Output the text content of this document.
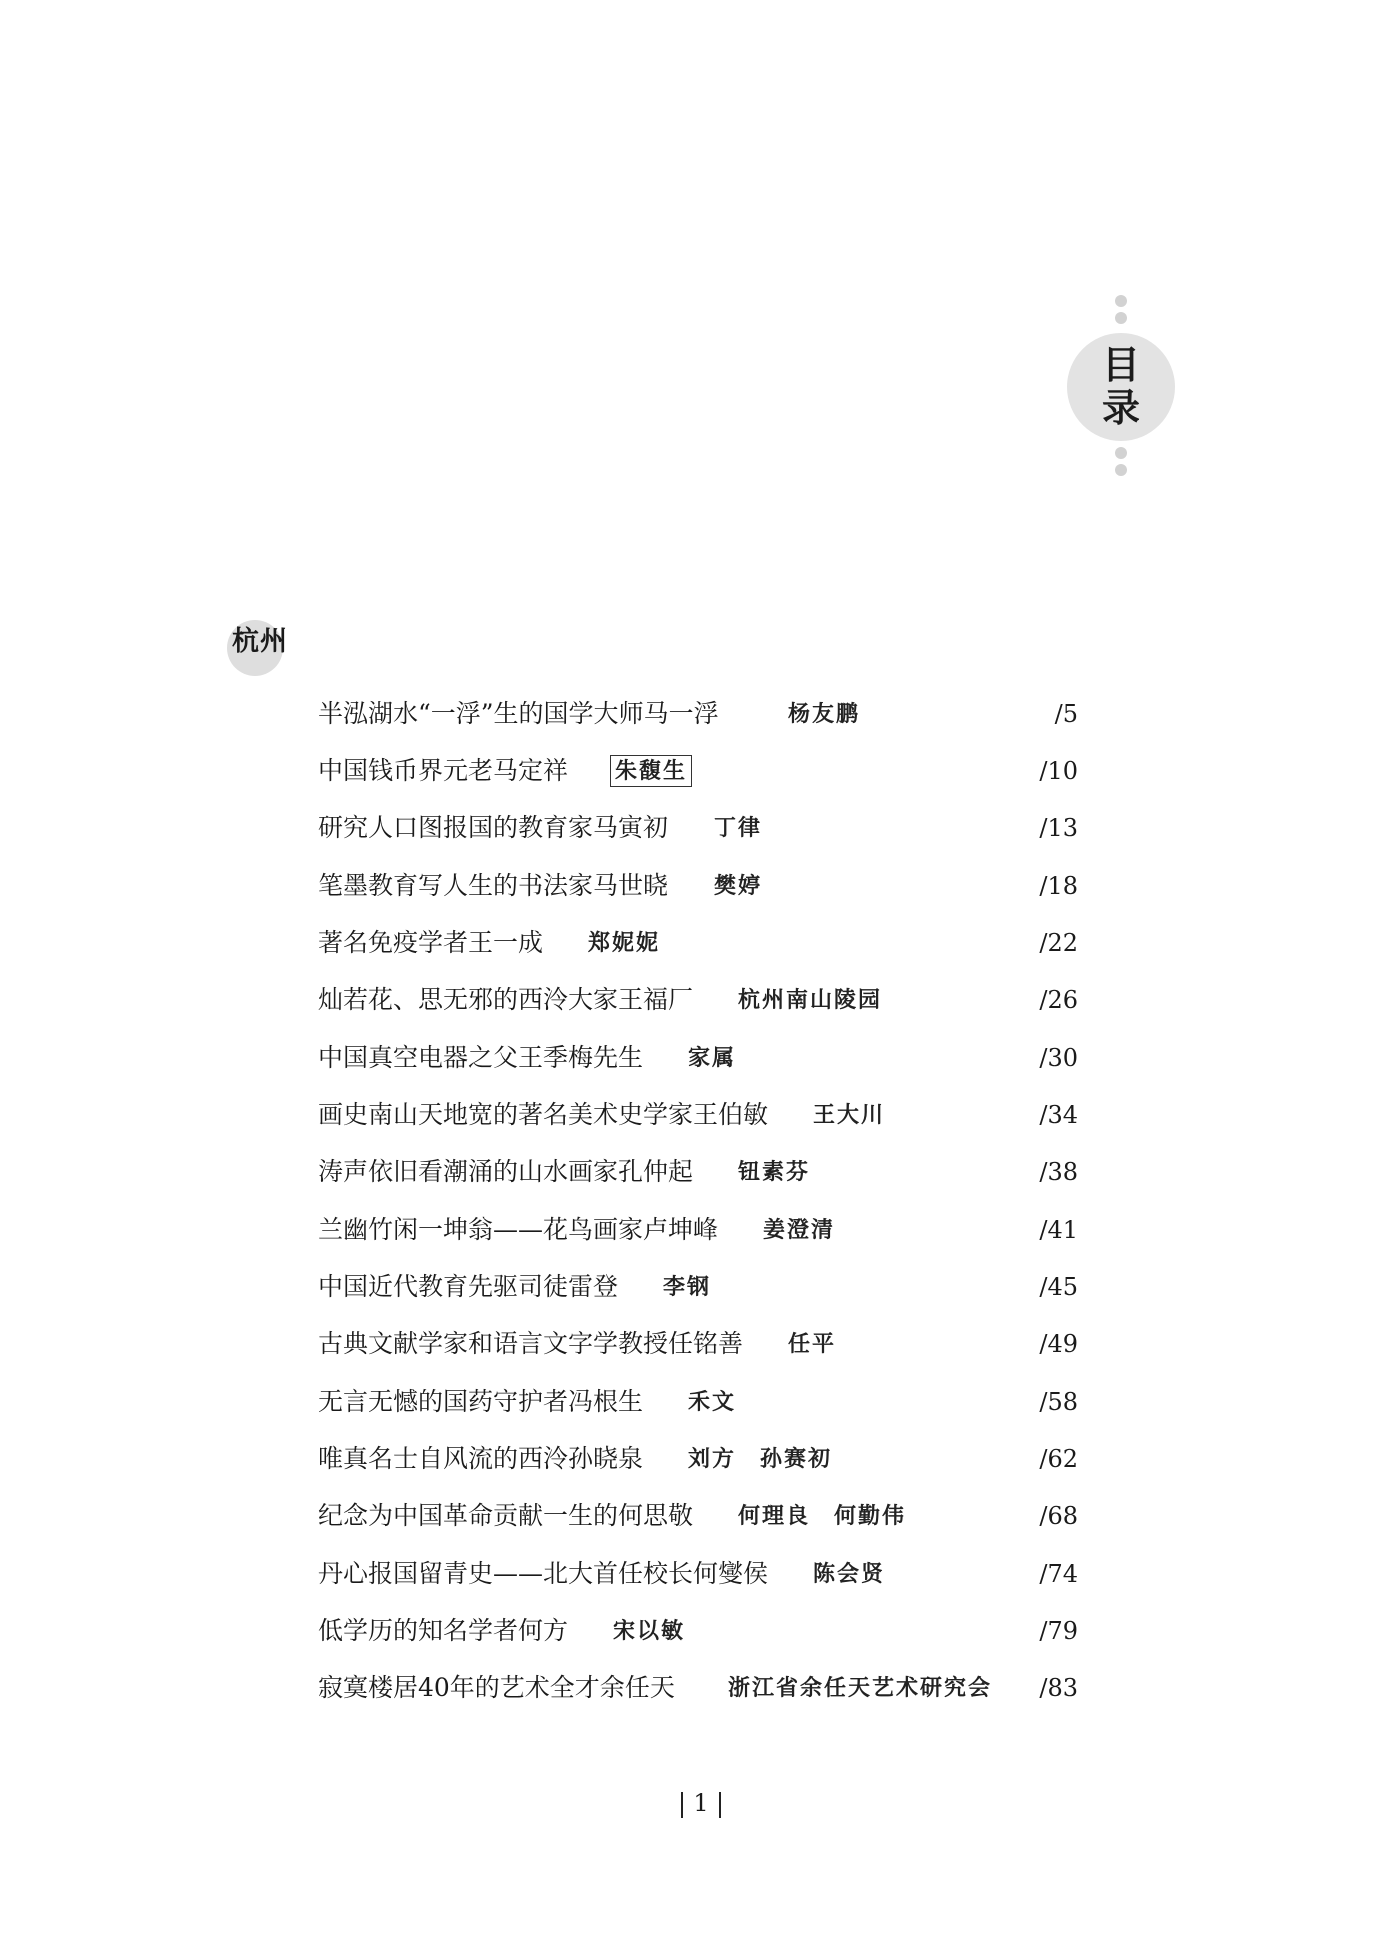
目
录
杭州
半泓湖水“一浮”生的国学大师马一浮	杨友鹏	/5
中国钱币界元老马定祥 朱馥生	/10
研究人口图报国的教育家马寅初 丁律	/13
笔墨教育写人生的书法家马世晓 樊婷	/18
著名免疫学者王一成 郑妮妮	/22
灿若花、思无邪的西泠大家王福厂 杭州南山陵园	/26
中国真空电器之父王季梅先生 家属	/30
画史南山天地宽的著名美术史学家王伯敏 王大川	/34
涛声依旧看潮涌的山水画家孔仲起 钮素芬	/38
兰幽竹闲一坤翁——花鸟画家卢坤峰 姜澄清	/41
中国近代教育先驱司徒雷登 李钢	/45
古典文献学家和语言文字学教授任铭善 任平	/49
无言无憾的国药守护者冯根生 禾文	/58
唯真名士自风流的西泠孙晓泉 刘方　孙赛初	/62
纪念为中国革命贡献一生的何思敬 何理良　何勤伟	/68
丹心报国留青史——北大首任校长何燮侯 陈会贤	/74
低学历的知名学者何方 宋以敏	/79
寂寞楼居40年的艺术全才余任天 浙江省余任天艺术研究会 /83
1
